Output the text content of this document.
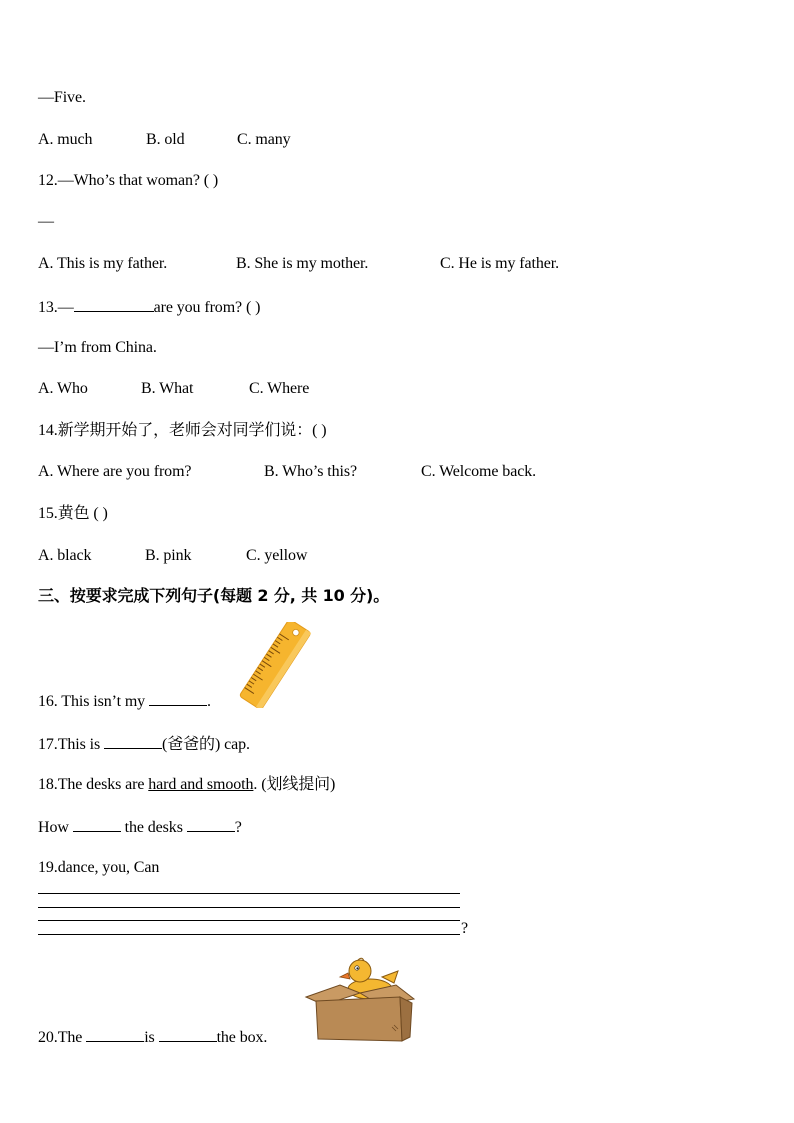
—Five.
A. much	B. old	C. many
12.—Who’s that woman? ( )
—
A. This is my father.	B. She is my mother.	C. He is my father.
13.—	are you from? ( )
—I’m from China.
A. Who	B. What	C. Where
14.新学期开始了，老师会对同学们说：( )
A. Where are you from?	B. Who’s this?	C. Welcome back.
15.黄色 ( )
A. black	B. pink	C. yellow
三、按要求完成下列句子(每题 2 分, 共 10 分)。
16. This isn’t my	.
17.This is	(爸爸的) cap.
18.The desks are hard and smooth. (划线提问)
How	the desks	?
19.dance, you, Can
?
20.The	is	the box.
